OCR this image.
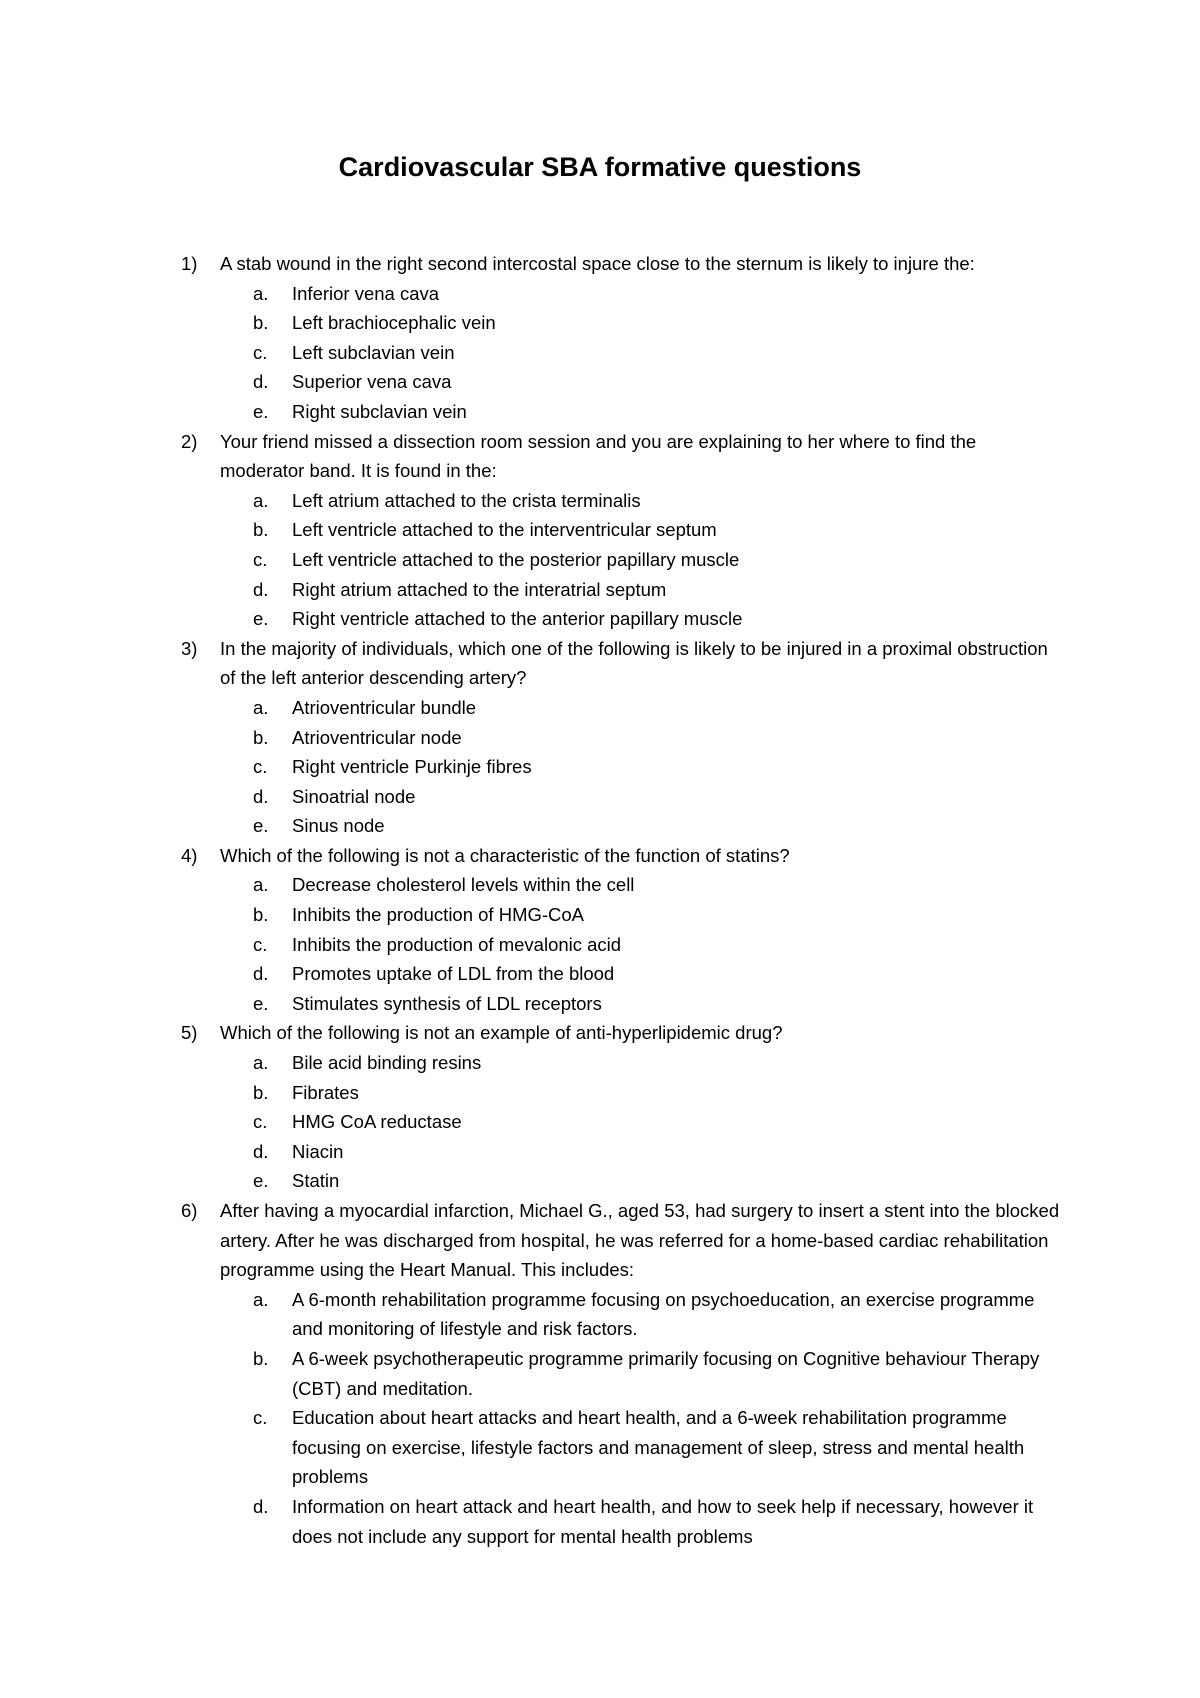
Cardiovascular SBA formative questions
1)	A stab wound in the right second intercostal space close to the sternum is likely to injure the:
a.	Inferior vena cava
b.	Left brachiocephalic vein
c.	Left subclavian vein
d.	Superior vena cava
e.	Right subclavian vein
2)	Your friend missed a dissection room session and you are explaining to her where to find the moderator band. It is found in the:
a.	Left atrium attached to the crista terminalis
b.	Left ventricle attached to the interventricular septum
c.	Left ventricle attached to the posterior papillary muscle
d.	Right atrium attached to the interatrial septum
e.	Right ventricle attached to the anterior papillary muscle
3)	In the majority of individuals, which one of the following is likely to be injured in a proximal obstruction of the left anterior descending artery?
a.	Atrioventricular bundle
b.	Atrioventricular node
c.	Right ventricle Purkinje fibres
d.	Sinoatrial node
e.	Sinus node
4)	Which of the following is not a characteristic of the function of statins?
a.	Decrease cholesterol levels within the cell
b.	Inhibits the production of HMG-CoA
c.	Inhibits the production of mevalonic acid
d.	Promotes uptake of LDL from the blood
e.	Stimulates synthesis of LDL receptors
5)	Which of the following is not an example of anti-hyperlipidemic drug?
a.	Bile acid binding resins
b.	Fibrates
c.	HMG CoA reductase
d.	Niacin
e.	Statin
6)	After having a myocardial infarction, Michael G., aged 53, had surgery to insert a stent into the blocked artery. After he was discharged from hospital, he was referred for a home-based cardiac rehabilitation programme using the Heart Manual. This includes:
a.	A 6-month rehabilitation programme focusing on psychoeducation, an exercise programme and monitoring of lifestyle and risk factors.
b.	A 6-week psychotherapeutic programme primarily focusing on Cognitive behaviour Therapy (CBT) and meditation.
c.	Education about heart attacks and heart health, and a 6-week rehabilitation programme focusing on exercise, lifestyle factors and management of sleep, stress and mental health problems
d.	Information on heart attack and heart health, and how to seek help if necessary, however it does not include any support for mental health problems
